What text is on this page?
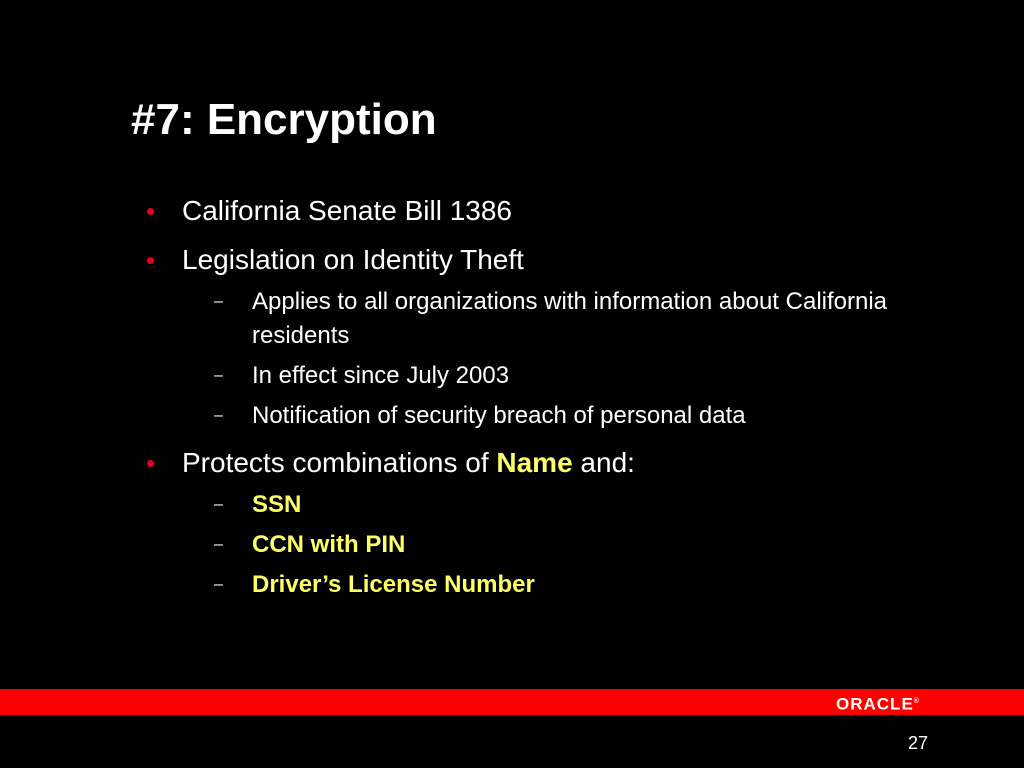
#7: Encryption
• California Senate Bill 1386
• Legislation on Identity Theft
– Applies to all organizations with information about California residents
– In effect since July 2003
– Notification of security breach of personal data
• Protects combinations of Name and:
– SSN
– CCN with PIN
– Driver’s License Number
ORACLE®
27
